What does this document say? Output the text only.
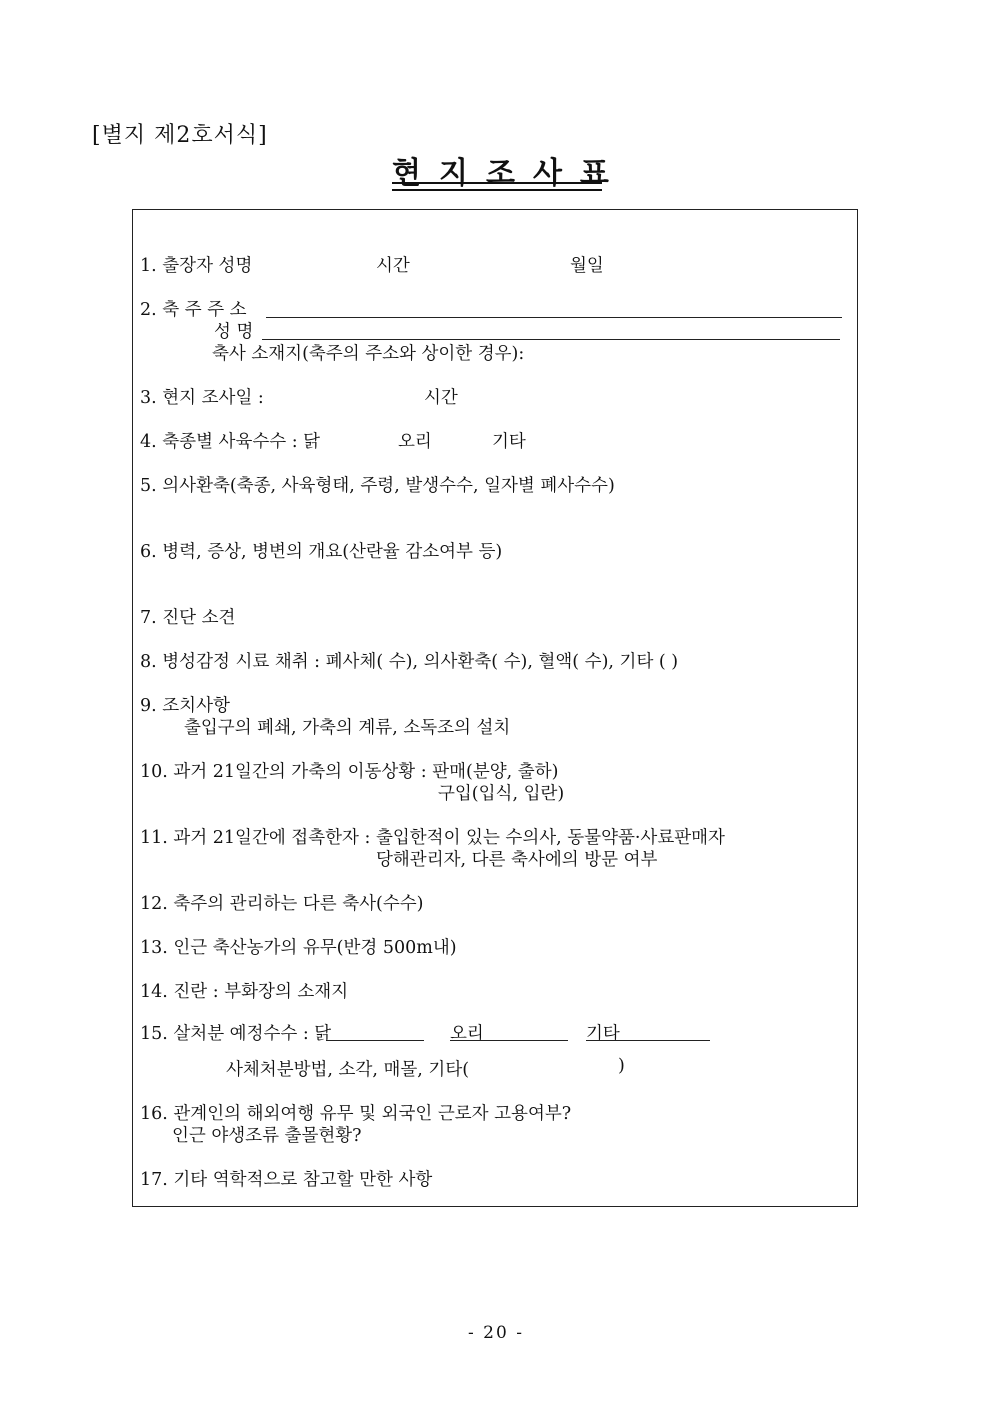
[별지 제2호서식]
현지조사표
1. 출장자 성명	시간	월일
2. 축 주 주 소
성 명
축사 소재지(축주의 주소와 상이한 경우):
3. 현지 조사일 :	시간
4. 축종별 사육수수 : 닭	오리	기타
5. 의사환축(축종, 사육형태, 주령, 발생수수, 일자별 폐사수수)
6. 병력, 증상, 병변의 개요(산란율 감소여부 등)
7. 진단 소견
8. 병성감정 시료 채취 : 폐사체( 수), 의사환축( 수), 혈액( 수), 기타 ( )
9. 조치사항
출입구의 폐쇄, 가축의 계류, 소독조의 설치
10. 과거 21일간의 가축의 이동상황 : 판매(분양, 출하)
구입(입식, 입란)
11. 과거 21일간에 접촉한자 : 출입한적이 있는 수의사, 동물약품·사료판매자
당해관리자, 다른 축사에의 방문 여부
12. 축주의 관리하는 다른 축사(수수)
13. 인근 축산농가의 유무(반경 500m내)
14. 진란 : 부화장의 소재지
15. 살처분 예정수수 : 닭	오리	기타
사체처분방법, 소각, 매몰, 기타(	)
16. 관계인의 해외여행 유무 및 외국인 근로자 고용여부?
인근 야생조류 출몰현황?
17. 기타 역학적으로 참고할 만한 사항
- 20 -
